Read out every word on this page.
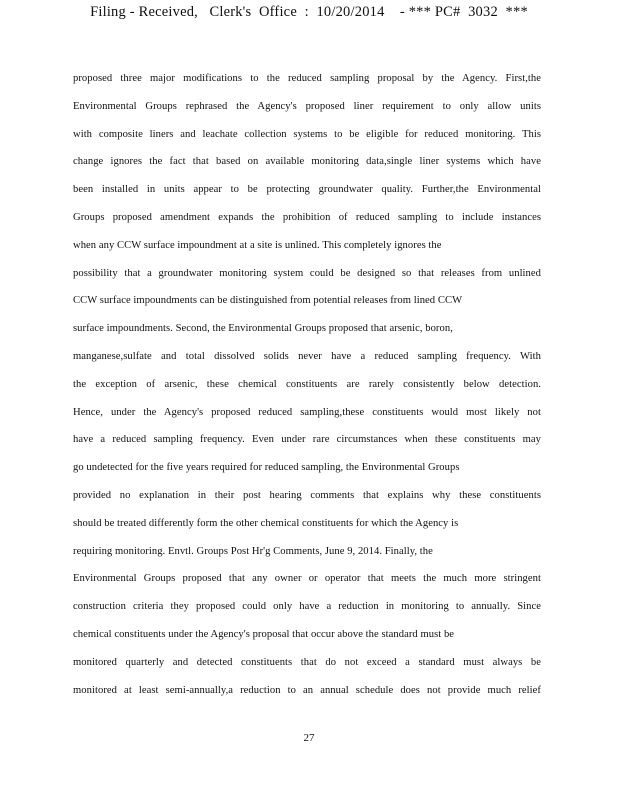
Filing - Received,   Clerk's  Office  :  10/20/2014    - *** PC#  3032  ***
proposed three major modifications to the reduced sampling proposal by the Agency. First,the
Environmental Groups rephrased the Agency's proposed liner requirement to only allow units
with composite liners and leachate collection systems to be eligible for reduced monitoring. This
change ignores the fact that based on available monitoring data,single liner systems which have
been installed in units appear to be protecting groundwater quality. Further,the Environmental
Groups proposed amendment expands the prohibition of reduced sampling to include instances
when any CCW surface impoundment at a site is unlined. This completely ignores the
possibility that a groundwater monitoring system could be designed so that releases from unlined
CCW surface impoundments can be distinguished from potential releases from lined CCW
surface impoundments. Second, the Environmental Groups proposed that arsenic, boron,
manganese,sulfate and total dissolved solids never have a reduced sampling frequency. With
the exception of arsenic, these chemical constituents are rarely consistently below detection.
Hence, under the Agency's proposed reduced sampling,these constituents would most likely not
have a reduced sampling frequency. Even under rare circumstances when these constituents may
go undetected for the five years required for reduced sampling, the Environmental Groups
provided no explanation in their post hearing comments that explains why these constituents
should be treated differently form the other chemical constituents for which the Agency is
requiring monitoring. Envtl. Groups Post Hr'g Comments, June 9, 2014. Finally, the
Environmental Groups proposed that any owner or operator that meets the much more stringent
construction criteria they proposed could only have a reduction in monitoring to annually. Since
chemical constituents under the Agency's proposal that occur above the standard must be
monitored quarterly and detected constituents that do not exceed a standard must always be
monitored at least semi-annually,a reduction to an annual schedule does not provide much relief
27
